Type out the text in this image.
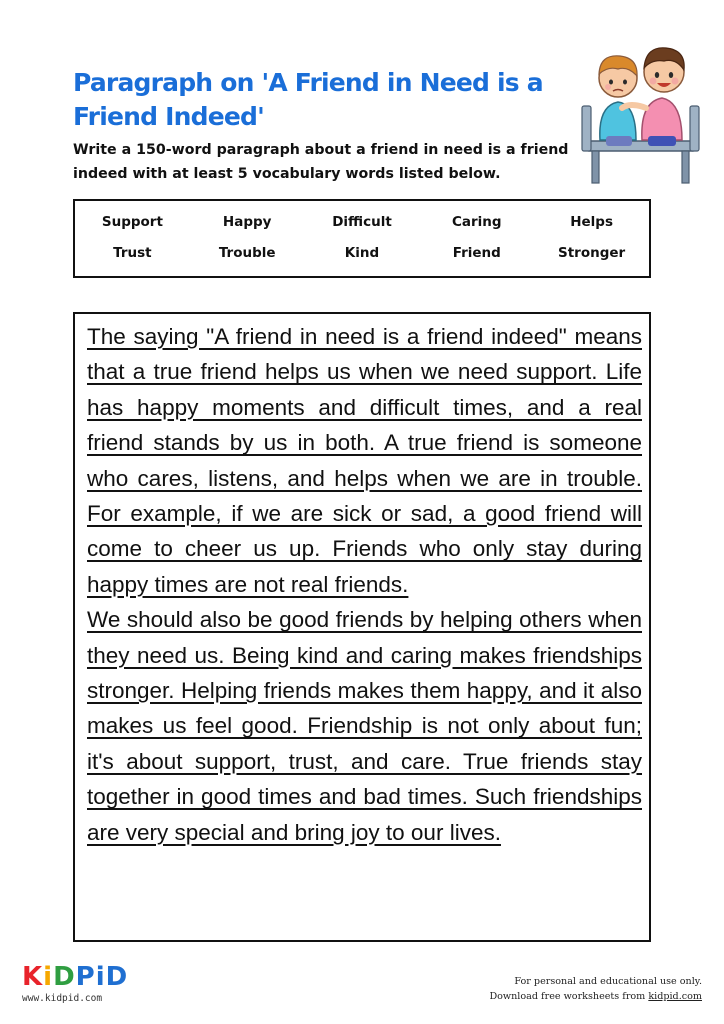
Paragraph on 'A Friend in Need is a Friend Indeed'
Write a 150-word paragraph about a friend in need is a friend indeed with at least 5 vocabulary words listed below.
Support	Happy	Difficult	Caring	Helps
Trust	Trouble	Kind	Friend	Stronger

The saying "A friend in need is a friend indeed" means that a true friend helps us when we need support. Life has happy moments and difficult times, and a real friend stands by us in both. A true friend is someone who cares, listens, and helps when we are in trouble. For example, if we are sick or sad, a good friend will come to cheer us up. Friends who only stay during happy times are not real friends.

We should also be good friends by helping others when they need us. Being kind and caring makes friendships stronger. Helping friends makes them happy, and it also makes us feel good. Friendship is not only about fun; it's about support, trust, and care. True friends stay together in good times and bad times. Such friendships are very special and bring joy to our lives.

KiDPiD
www.kidpid.com
For personal and educational use only.
Download free worksheets from kidpid.com
